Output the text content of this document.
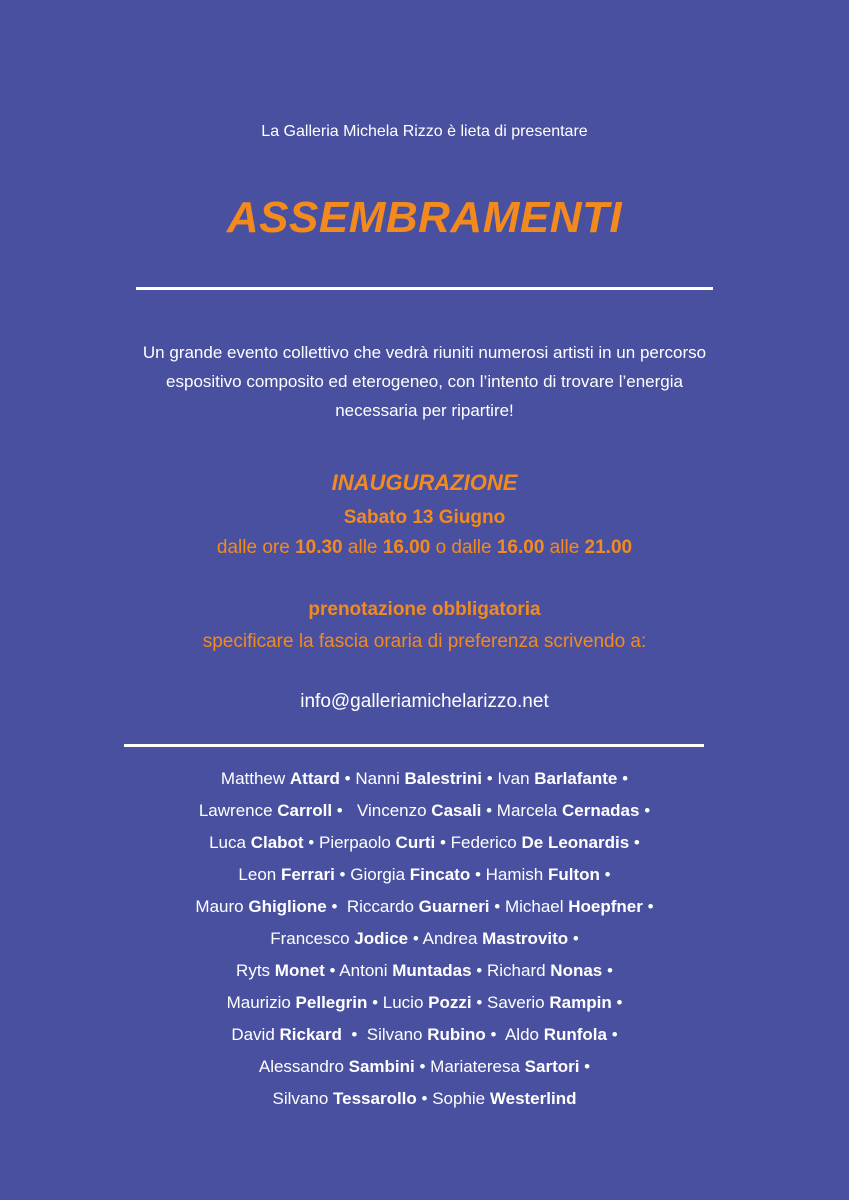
La Galleria Michela Rizzo è lieta di presentare
ASSEMBRAMENTI
Un grande evento collettivo che vedrà riuniti numerosi artisti in un percorso
espositivo composito ed eterogeneo, con l’intento di trovare l’energia
necessaria per ripartire!
INAUGURAZIONE
Sabato 13 Giugno
dalle ore 10.30 alle 16.00 o dalle 16.00 alle 21.00
prenotazione obbligatoria
specificare la fascia oraria di preferenza scrivendo a:
info@galleriamichelarizzo.net
Matthew Attard • Nanni Balestrini • Ivan Barlafante •
Lawrence Carroll •   Vincenzo Casali • Marcela Cernadas •
Luca Clabot • Pierpaolo Curti • Federico De Leonardis •
Leon Ferrari • Giorgia Fincato • Hamish Fulton •
Mauro Ghiglione •  Riccardo Guarneri • Michael Hoepfner •
Francesco Jodice • Andrea Mastrovito •
Ryts Monet • Antoni Muntadas • Richard Nonas •
Maurizio Pellegrin • Lucio Pozzi • Saverio Rampin •
David Rickard  •  Silvano Rubino •  Aldo Runfola •
Alessandro Sambini • Mariateresa Sartori •
Silvano Tessarollo • Sophie Westerlind
